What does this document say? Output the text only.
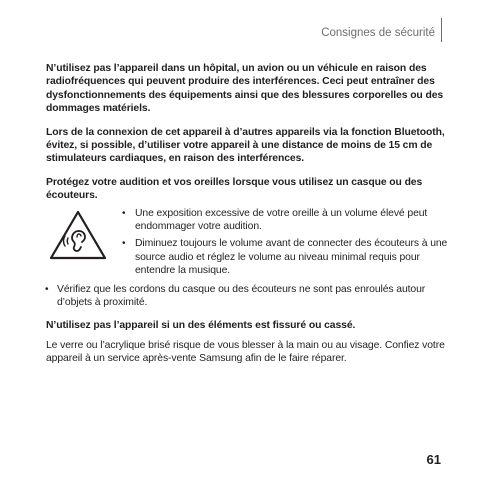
Consignes de sécurité

N’utilisez pas l’appareil dans un hôpital, un avion ou un véhicule en raison des radiofréquences qui peuvent produire des interférences. Ceci peut entraîner des dysfonctionnements des équipements ainsi que des blessures corporelles ou des dommages matériels.

Lors de la connexion de cet appareil à d’autres appareils via la fonction Bluetooth, évitez, si possible, d’utiliser votre appareil à une distance de moins de 15 cm de stimulateurs cardiaques, en raison des interférences.

Protégez votre audition et vos oreilles lorsque vous utilisez un casque ou des écouteurs.

• Une exposition excessive de votre oreille à un volume élevé peut endommager votre audition.

• Diminuez toujours le volume avant de connecter des écouteurs à une source audio et réglez le volume au niveau minimal requis pour entendre la musique.

• Vérifiez que les cordons du casque ou des écouteurs ne sont pas enroulés autour d’objets à proximité.

N’utilisez pas l’appareil si un des éléments est fissuré ou cassé.

Le verre ou l’acrylique brisé risque de vous blesser à la main ou au visage. Confiez votre appareil à un service après-vente Samsung afin de le faire réparer.

61
